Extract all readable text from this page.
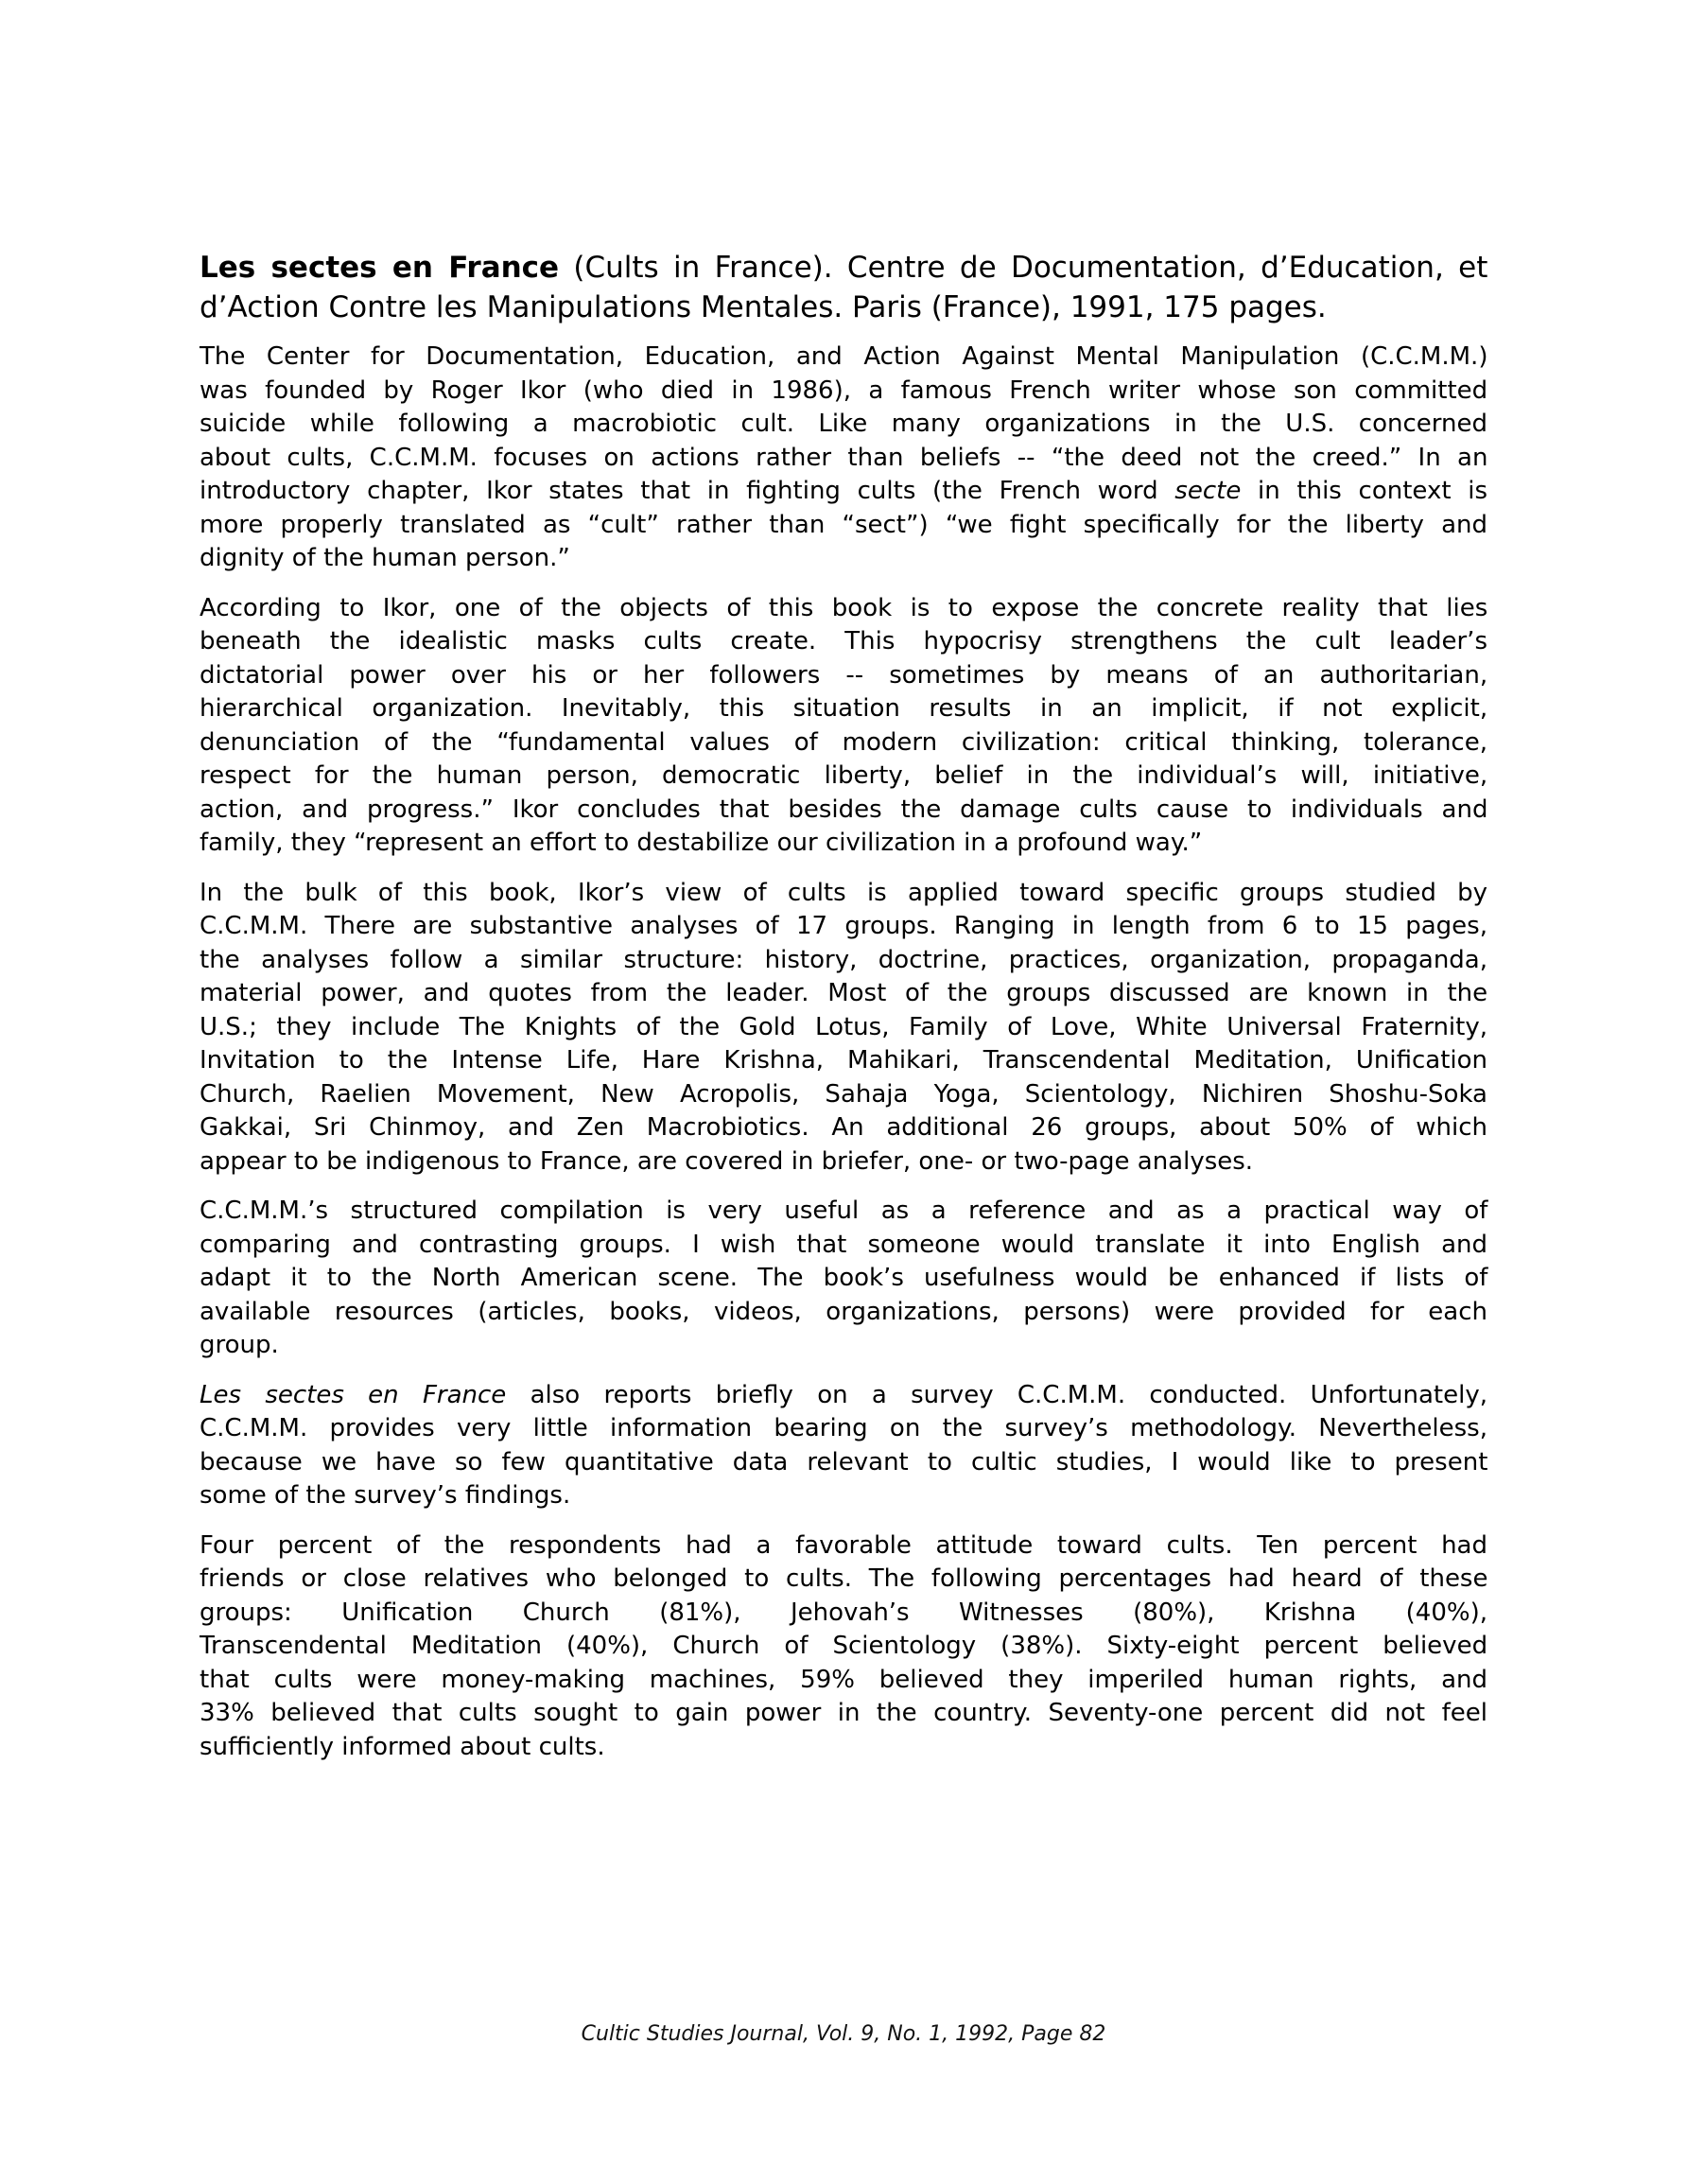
Les sectes en France (Cults in France). Centre de Documentation, d’Education, et
d’Action Contre les Manipulations Mentales. Paris (France), 1991, 175 pages.
The Center for Documentation, Education, and Action Against Mental Manipulation (C.C.M.M.)
was founded by Roger Ikor (who died in 1986), a famous French writer whose son committed
suicide while following a macrobiotic cult. Like many organizations in the U.S. concerned
about cults, C.C.M.M. focuses on actions rather than beliefs -- “the deed not the creed.” In an
introductory chapter, Ikor states that in fighting cults (the French word secte in this context is
more properly translated as “cult” rather than “sect”) “we fight specifically for the liberty and
dignity of the human person.”
According to Ikor, one of the objects of this book is to expose the concrete reality that lies
beneath the idealistic masks cults create. This hypocrisy strengthens the cult leader’s
dictatorial power over his or her followers -- sometimes by means of an authoritarian,
hierarchical organization. Inevitably, this situation results in an implicit, if not explicit,
denunciation of the “fundamental values of modern civilization: critical thinking, tolerance,
respect for the human person, democratic liberty, belief in the individual’s will, initiative,
action, and progress.” Ikor concludes that besides the damage cults cause to individuals and
family, they “represent an effort to destabilize our civilization in a profound way.”
In the bulk of this book, Ikor’s view of cults is applied toward specific groups studied by
C.C.M.M. There are substantive analyses of 17 groups. Ranging in length from 6 to 15 pages,
the analyses follow a similar structure: history, doctrine, practices, organization, propaganda,
material power, and quotes from the leader. Most of the groups discussed are known in the
U.S.; they include The Knights of the Gold Lotus, Family of Love, White Universal Fraternity,
Invitation to the Intense Life, Hare Krishna, Mahikari, Transcendental Meditation, Unification
Church, Raelien Movement, New Acropolis, Sahaja Yoga, Scientology, Nichiren Shoshu-Soka
Gakkai, Sri Chinmoy, and Zen Macrobiotics. An additional 26 groups, about 50% of which
appear to be indigenous to France, are covered in briefer, one- or two-page analyses.
C.C.M.M.’s structured compilation is very useful as a reference and as a practical way of
comparing and contrasting groups. I wish that someone would translate it into English and
adapt it to the North American scene. The book’s usefulness would be enhanced if lists of
available resources (articles, books, videos, organizations, persons) were provided for each
group.
Les sectes en France also reports briefly on a survey C.C.M.M. conducted. Unfortunately,
C.C.M.M. provides very little information bearing on the survey’s methodology. Nevertheless,
because we have so few quantitative data relevant to cultic studies, I would like to present
some of the survey’s findings.
Four percent of the respondents had a favorable attitude toward cults. Ten percent had
friends or close relatives who belonged to cults. The following percentages had heard of these
groups: Unification Church (81%), Jehovah’s Witnesses (80%), Krishna (40%),
Transcendental Meditation (40%), Church of Scientology (38%). Sixty-eight percent believed
that cults were money-making machines, 59% believed they imperiled human rights, and
33% believed that cults sought to gain power in the country. Seventy-one percent did not feel
sufficiently informed about cults.
Cultic Studies Journal, Vol. 9, No. 1, 1992, Page 82
